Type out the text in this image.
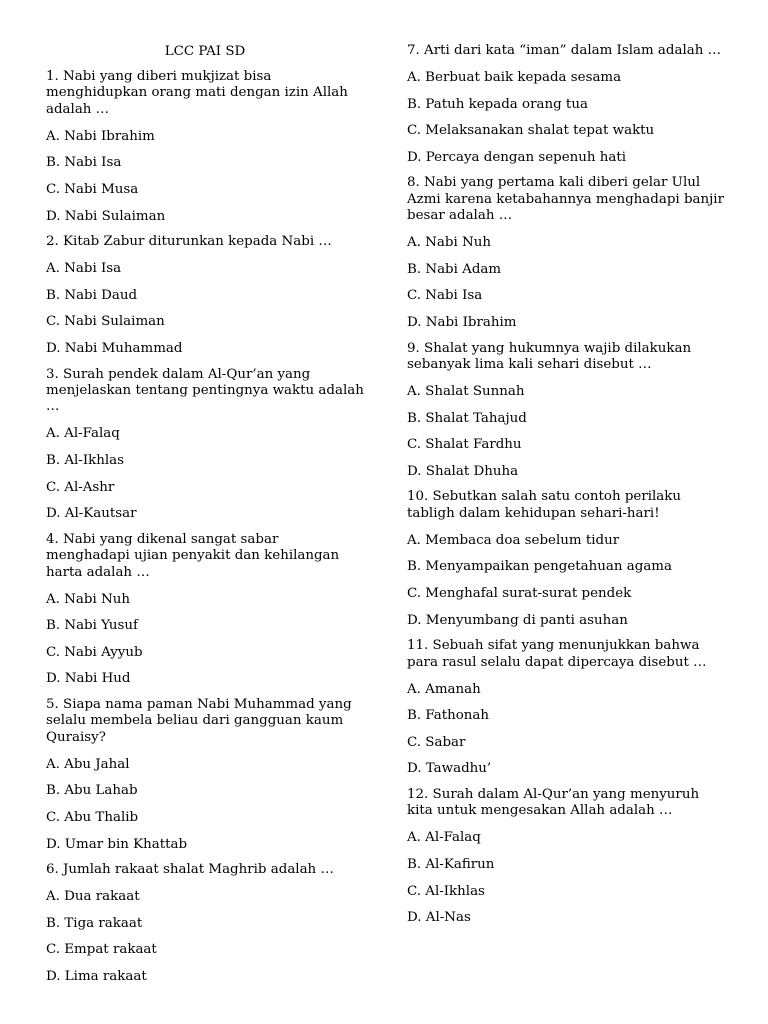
LCC PAI SD
1. Nabi yang diberi mukjizat bisa menghidupkan orang mati dengan izin Allah adalah …
A. Nabi Ibrahim
B. Nabi Isa
C. Nabi Musa
D. Nabi Sulaiman
2. Kitab Zabur diturunkan kepada Nabi …
A. Nabi Isa
B. Nabi Daud
C. Nabi Sulaiman
D. Nabi Muhammad
3. Surah pendek dalam Al-Qur’an yang menjelaskan tentang pentingnya waktu adalah …
A. Al-Falaq
B. Al-Ikhlas
C. Al-Ashr
D. Al-Kautsar
4. Nabi yang dikenal sangat sabar menghadapi ujian penyakit dan kehilangan harta adalah …
A. Nabi Nuh
B. Nabi Yusuf
C. Nabi Ayyub
D. Nabi Hud
5. Siapa nama paman Nabi Muhammad yang selalu membela beliau dari gangguan kaum Quraisy?
A. Abu Jahal
B. Abu Lahab
C. Abu Thalib
D. Umar bin Khattab
6. Jumlah rakaat shalat Maghrib adalah …
A. Dua rakaat
B. Tiga rakaat
C. Empat rakaat
D. Lima rakaat
7. Arti dari kata “iman” dalam Islam adalah …
A. Berbuat baik kepada sesama
B. Patuh kepada orang tua
C. Melaksanakan shalat tepat waktu
D. Percaya dengan sepenuh hati
8. Nabi yang pertama kali diberi gelar Ulul Azmi karena ketabahannya menghadapi banjir besar adalah …
A. Nabi Nuh
B. Nabi Adam
C. Nabi Isa
D. Nabi Ibrahim
9. Shalat yang hukumnya wajib dilakukan sebanyak lima kali sehari disebut …
A. Shalat Sunnah
B. Shalat Tahajud
C. Shalat Fardhu
D. Shalat Dhuha
10. Sebutkan salah satu contoh perilaku tabligh dalam kehidupan sehari-hari!
A. Membaca doa sebelum tidur
B. Menyampaikan pengetahuan agama
C. Menghafal surat-surat pendek
D. Menyumbang di panti asuhan
11. Sebuah sifat yang menunjukkan bahwa para rasul selalu dapat dipercaya disebut …
A. Amanah
B. Fathonah
C. Sabar
D. Tawadhu’
12. Surah dalam Al-Qur’an yang menyuruh kita untuk mengesakan Allah adalah …
A. Al-Falaq
B. Al-Kafirun
C. Al-Ikhlas
D. Al-Nas
